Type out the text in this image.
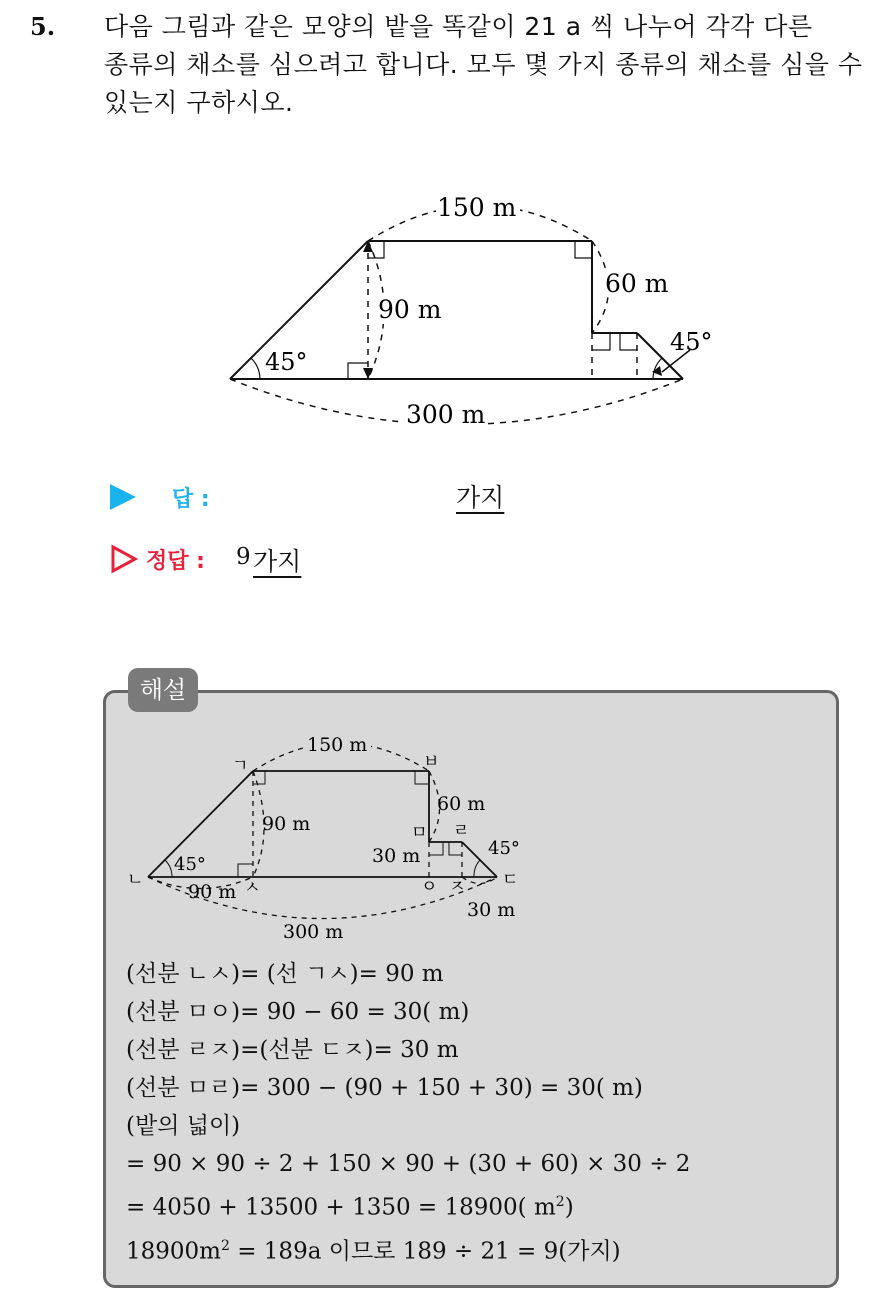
5. 다음 그림과 같은 모양의 밭을 똑같이 21 a 씩 나누어 각각 다른

종류의 채소를 심으려고 합니다. 모두 몇 가지 종류의 채소를 심을 수

있는지 구하시오.

150 m
300 m
90 m
60 m
45°
45°
답 :	가지
정답 : 9 가지
해설
150 m
300 m
90 m
60 m
30 m
90 m
30 m
45°
45°
ㄱ
ㄴ	ㅅ
ㅂ
ㅁ ㄹ
ㅇ ㅈ ㄷ
(선분 ㄴㅅ)= (선 ㄱㅅ)= 90 m
(선분 ㅁㅇ)= 90 − 60 = 30( m)
(선분 ㄹㅈ)=(선분 ㄷㅈ)= 30 m
(선분 ㅁㄹ)= 300 − (90 + 150 + 30) = 30( m)
(밭의 넓이)
= 90 × 90 ÷ 2 + 150 × 90 + (30 + 60) × 30 ÷ 2
= 4050 + 13500 + 1350 = 18900( $m^2$)
$18900m^2 = 189a$ 이므로 189 ÷ 21 = 9(가지)
